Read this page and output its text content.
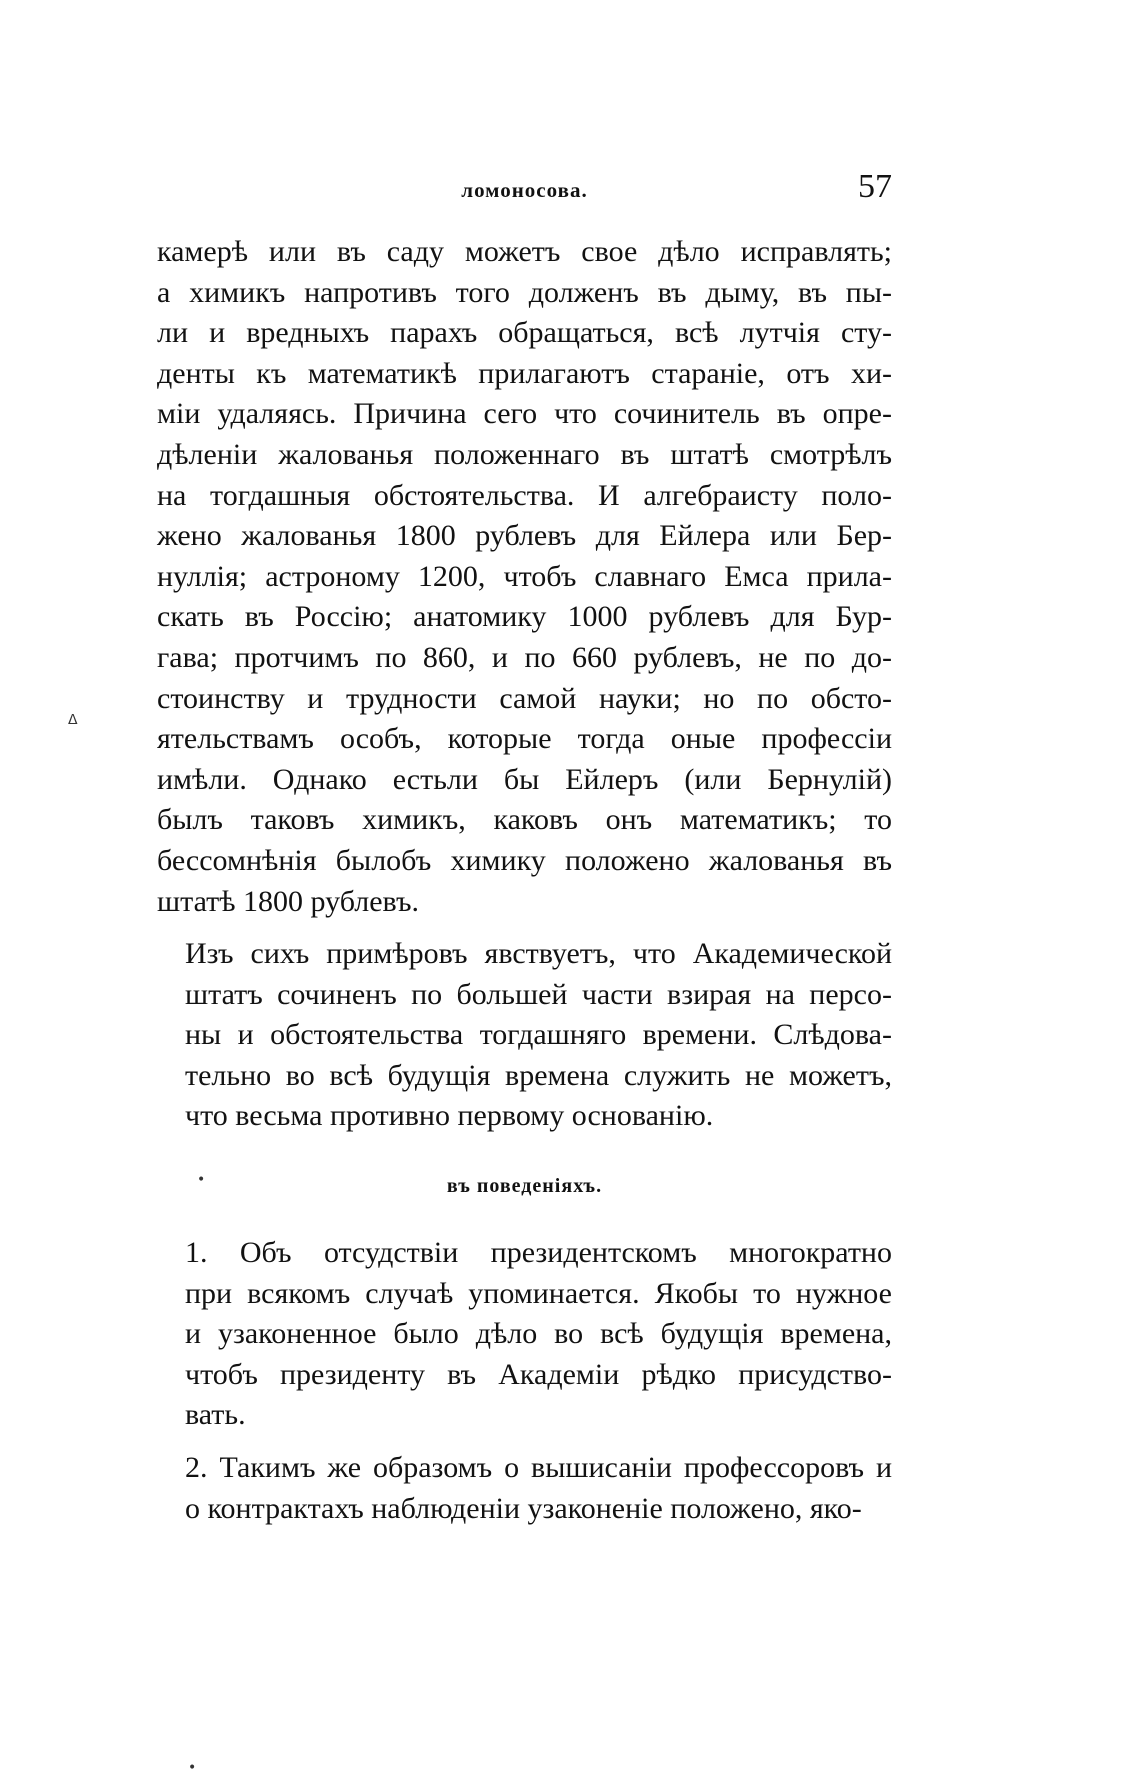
ломоносова.	57
камерѣ или въ саду можетъ свое дѣло исправлять;
а химикъ напротивъ того долженъ въ дыму, въ пы-
ли и вредныхъ парахъ обращаться, всѣ лутчія сту-
денты къ математикѣ прилагаютъ стараніе, отъ хи-
міи удаляясь. Причина сего что сочинитель въ опре-
дѣленіи жалованья положеннаго въ штатѣ смотрѣлъ
на тогдашныя обстоятельства. И алгебраисту поло-
жено жалованья 1800 рублевъ для Ейлера или Бер-
нуллія; астроному 1200, чтобъ славнаго Емса прила-
скать въ Россію; анатомику 1000 рублевъ для Бур-
гава; протчимъ по 860, и по 660 рублевъ, не по до-
стоинству и трудности самой науки; но по обсто-
ятельствамъ особъ, которые тогда оные профессіи
имѣли. Однако естьли бы Ейлеръ (или Бернулій)
былъ таковъ химикъ, каковъ онъ математикъ; то
бессомнѣнія былобъ химику положено жалованья въ
штатѣ 1800 рублевъ.
Изъ сихъ примѣровъ явствуетъ, что Академической
штатъ сочиненъ по большей части взирая на персо-
ны и обстоятельства тогдашняго времени. Слѣдова-
тельно во всѣ будущія времена служить не можетъ,
что весьма противно первому основанію.
въ поведеніяхъ.
1. Объ отсудствіи президентскомъ многократно
при всякомъ случаѣ упоминается. Якобы то нужное
и узаконенное было дѣло во всѣ будущія времена,
чтобъ президенту въ Академіи рѣдко присудство-
вать.
2. Такимъ же образомъ о вышисаніи профессоровъ и
о контрактахъ наблюденіи узаконеніе положено, яко-
ᐃ
•
•
